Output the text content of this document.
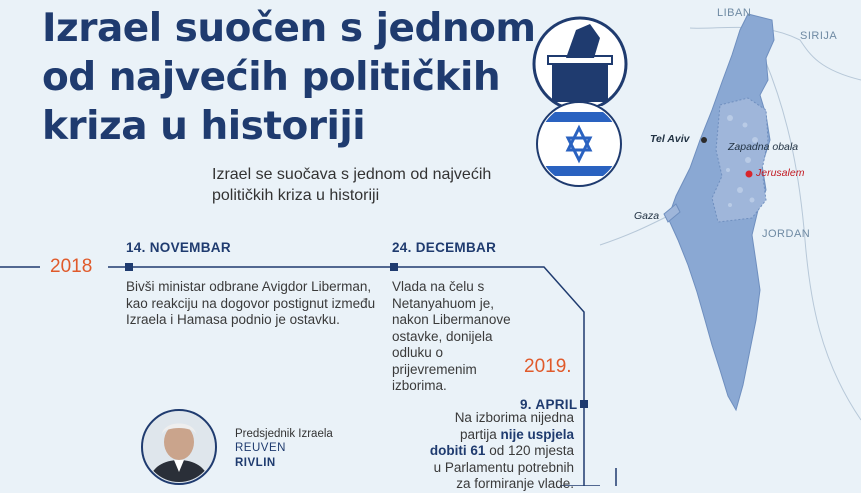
LIBAN
SIRIJA
JORDAN
Gaza
Tel Aviv
Zapadna obala
Jerusalem
Izrael suočen s jednom od najvećih političkih kriza u historiji
Izrael se suočava s jednom od najvećih političkih kriza u historiji
2018
2019.
14. NOVEMBAR
Bivši ministar odbrane Avigdor Liberman, kao reakciju na dogovor postignut između Izraela i Hamasa podnio je ostavku.
24. DECEMBAR
Vlada na čelu s Netanyahuom je, nakon Libermanove ostavke, donijela odluku o prijevremenim izborima.
9. APRIL
Na izborima nijedna partija nije uspjela dobiti 61 od 120 mjesta u Parlamentu potrebnih za formiranje vlade.
Predsjednik Izraela
REUVEN
RIVLIN
